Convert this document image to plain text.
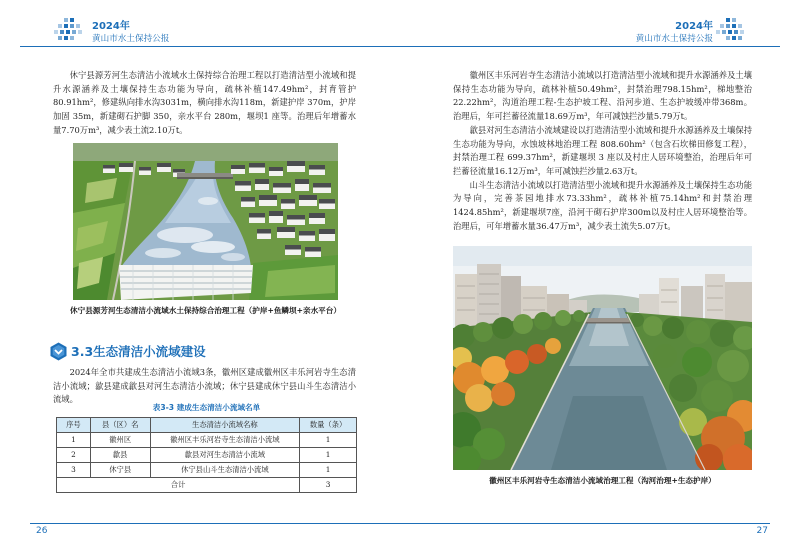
2024年
黄山市水土保持公报

休宁县源芳河生态清洁小流域水土保持综合治理工程以打造清洁型小流域和提升水源涵养及土壤保持生态功能为导向，疏林补植147.49hm²，封育管护80.91hm²，修建纵向排水沟3031m，横向排水沟118m，新建护岸 370m，护岸加固 35m，新建砌石护脚 350，亲水平台 280m，堰坝1 座等。治理后年增蓄水量7.70万m³，减少表土流2.10万t。

休宁县源芳河生态清洁小流域水土保持综合治理工程（护岸+鱼鳞坝+亲水平台）
3.3生态清洁小流域建设

2024年全市共建成生态清洁小流域3条，徽州区建成徽州区丰乐河岩寺生态清洁小流域；歙县建成歙县对河生态清洁小流域；休宁县建成休宁县山斗生态清洁小流域。

表3-3 建成生态清洁小流域名单
序号	县（区）名	生态清洁小流域名称	数量（条）
1	徽州区	徽州区丰乐河岩寺生态清洁小流域	1
2	歙县	歙县对河生态清洁小流域	1
3	休宁县	休宁县山斗生态清洁小流域	1
合计			3
26
2024年
黄山市水土保持公报

徽州区丰乐河岩寺生态清洁小流域以打造清洁型小流域和提升水源涵养及土壤保持生态功能为导向，疏林补植50.49hm²，封禁治理798.15hm²，梯地整治22.22hm²，沟道治理工程-生态护坡工程、沿河步道、生态护坡缓冲带368m。治理后，年可拦蓄径流量18.69万m³，年可减蚀拦沙量5.79万t。

歙县对河生态清洁小流域建设以打造清洁型小流域和提升水源涵养及土壤保持生态功能为导向，水蚀坡林地治理工程 808.60hm²（包含石坎梯田修复工程），封禁治理工程 699.37hm²，新建堰坝 3 座以及村庄人居环境整治，治理后年可拦蓄径流量16.12万m³，年可减蚀拦沙量2.63万t。

山斗生态清洁小流域以打造清洁型小流域和提升水源涵养及土壤保持生态功能为导向，完善茶园地排水73.33hm²，疏林补植75.14hm²和封禁治理1424.85hm²，新建堰坝7座，沿河干砌石护岸300m以及村庄人居环境整治等。治理后，可年增蓄水量36.47万m³，减少表土流失5.07万t。

徽州区丰乐河岩寺生态清洁小流域治理工程（沟河治理+生态护岸）
27
